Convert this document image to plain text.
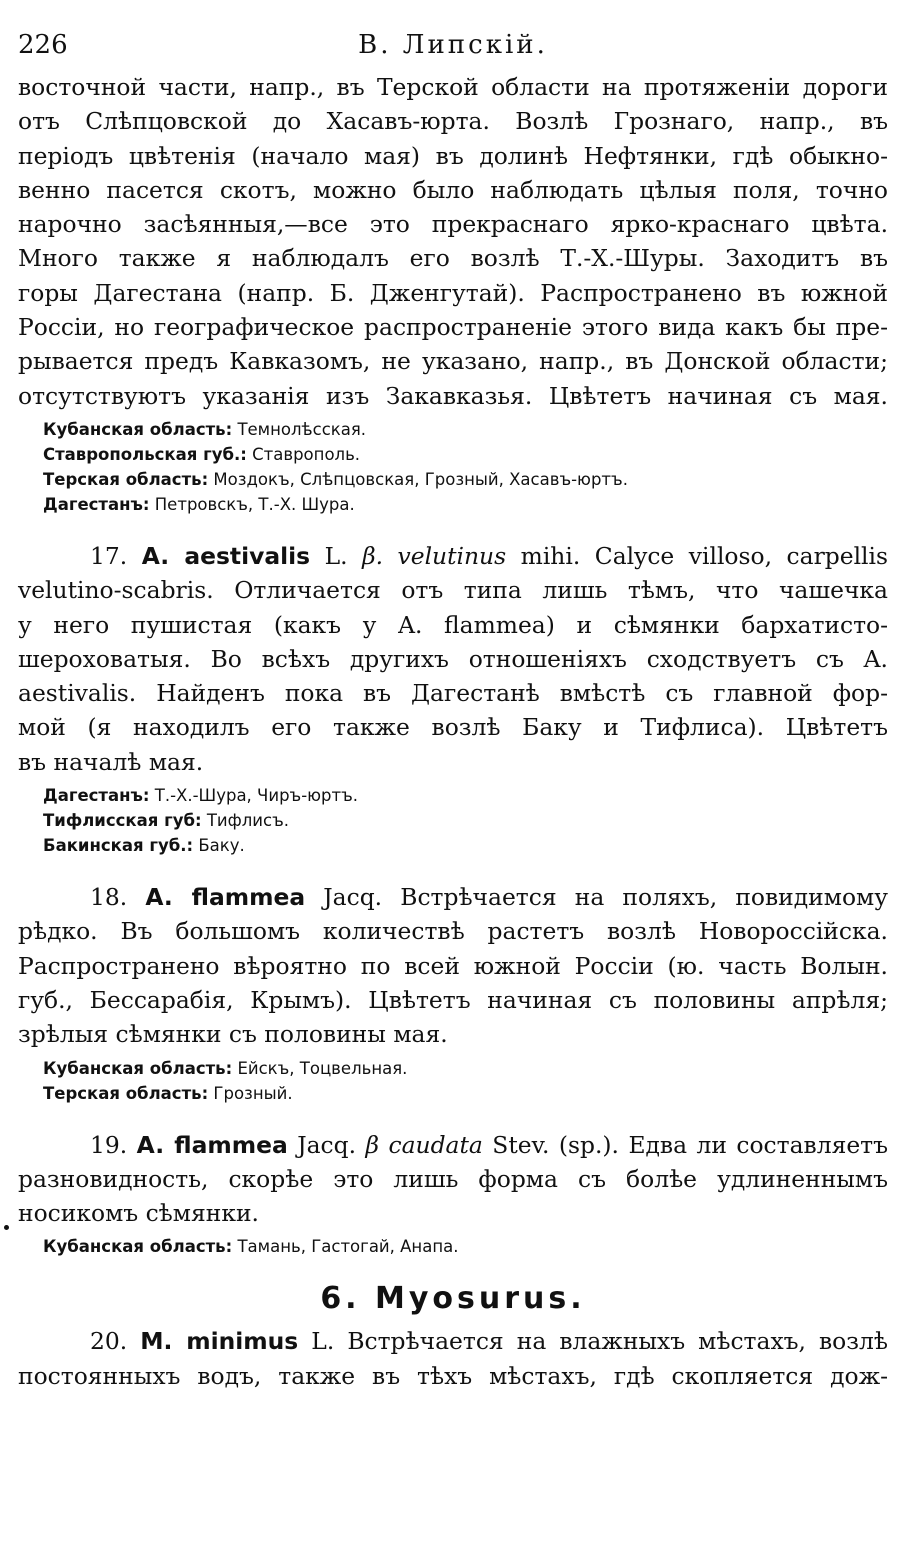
226	В. Липскій.

восточной части, напр., въ Терской области на протяженіи дороги
отъ Слѣпцовской до Хасавъ-юрта. Возлѣ Грознаго, напр., въ
періодъ цвѣтенія (начало мая) въ долинѣ Нефтянки, гдѣ обыкно-
венно пасется скотъ, можно было наблюдать цѣлыя поля, точно
нарочно засѣянныя,—все это прекраснаго ярко-краснаго цвѣта.
Много также я наблюдалъ его возлѣ Т.-Х.-Шуры. Заходитъ въ
горы Дагестана (напр. Б. Дженгутай). Распространено въ южной
Россіи, но географическое распространеніе этого вида какъ бы пре-
рывается предъ Кавказомъ, не указано, напр., въ Донской области;
отсутствуютъ указанія изъ Закавказья. Цвѣтетъ начиная съ мая.

Кубанская область: Темнолѣсская.
Ставропольская губ.: Ставрополь.
Терская область: Моздокъ, Слѣпцовская, Грозный, Хасавъ-юртъ.
Дагестанъ: Петровскъ, Т.-Х. Шура.

17. A. aestivalis L. β. velutinus mihi. Calyce villoso, carpellis
velutino-scabris. Отличается отъ типа лишь тѣмъ, что чашечка
у него пушистая (какъ у A. flammea) и сѣмянки бархатисто-
шероховатыя. Во всѣхъ другихъ отношеніяхъ сходствуетъ съ A.
aestivalis. Найденъ пока въ Дагестанѣ вмѣстѣ съ главной фор-
мой (я находилъ его также возлѣ Баку и Тифлиса). Цвѣтетъ
въ началѣ мая.

Дагестанъ: Т.-Х.-Шура, Чиръ-юртъ.
Тифлисская губ: Тифлисъ.
Бакинская губ.: Баку.

18. A. flammea Jacq. Встрѣчается на поляхъ, повидимому
рѣдко. Въ большомъ количествѣ растетъ возлѣ Новороссійска.
Распространено вѣроятно по всей южной Россіи (ю. часть Волын.
губ., Бессарабія, Крымъ). Цвѣтетъ начиная съ половины апрѣля;
зрѣлыя сѣмянки съ половины мая.

Кубанская область: Ейскъ, Тоцвельная.
Терская область: Грозный.

19. A. flammea Jacq. β caudata Stev. (sp.). Едва ли составляетъ
разновидность, скорѣе это лишь форма съ болѣе удлиненнымъ
носикомъ сѣмянки.

Кубанская область: Тамань, Гастогай, Анапа.
6. Myosurus.

20. M. minimus L. Встрѣчается на влажныхъ мѣстахъ, возлѣ
постоянныхъ водъ, также въ тѣхъ мѣстахъ, гдѣ скопляется дож-
